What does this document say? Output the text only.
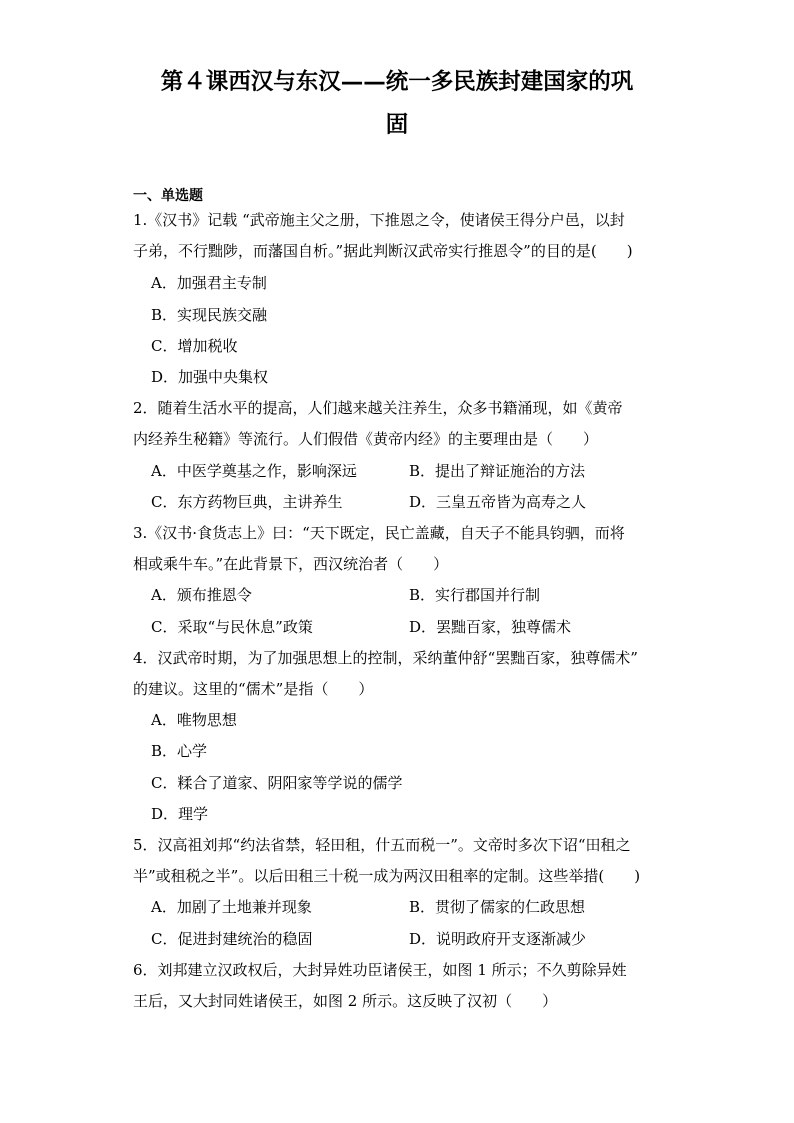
第４课西汉与东汉——统一多民族封建国家的巩
固
一、单选题
1.《汉书》记载 “武帝施主父之册，下推恩之令，使诸侯王得分户邑，以封
子弟，不行黜陟，而藩国自析。”据此判断汉武帝实行推恩令”的目的是(　　)
A．加强君主专制
B．实现民族交融
C．增加税收
D．加强中央集权
2．随着生活水平的提高，人们越来越关注养生，众多书籍涌现，如《黄帝
内经养生秘籍》等流行。人们假借《黄帝内经》的主要理由是（　　）
A．中医学奠基之作，影响深远	B．提出了辩证施治的方法
C．东方药物巨典，主讲养生	D．三皇五帝皆为高寿之人
3.《汉书·食货志上》曰：“天下既定，民亡盖藏，自天子不能具钧驷，而将
相或乘牛车。”在此背景下，西汉统治者（　　）
A．颁布推恩令	B．实行郡国并行制
C．采取“与民休息”政策	D．罢黜百家，独尊儒术
4．汉武帝时期，为了加强思想上的控制，采纳董仲舒“罢黜百家，独尊儒术”
的建议。这里的“儒术”是指（　　）
A．唯物思想
B．心学
C．糅合了道家、阴阳家等学说的儒学
D．理学
5．汉高祖刘邦“约法省禁，轻田租，什五而税一”。文帝时多次下诏“田租之
半”或租税之半”。以后田租三十税一成为两汉田租率的定制。这些举措(　　)
A．加剧了土地兼并现象	B．贯彻了儒家的仁政思想
C．促进封建统治的稳固	D．说明政府开支逐渐减少
6．刘邦建立汉政权后，大封异姓功臣诸侯王，如图 1 所示；不久剪除异姓
王后，又大封同姓诸侯王，如图 2 所示。这反映了汉初（　　）
